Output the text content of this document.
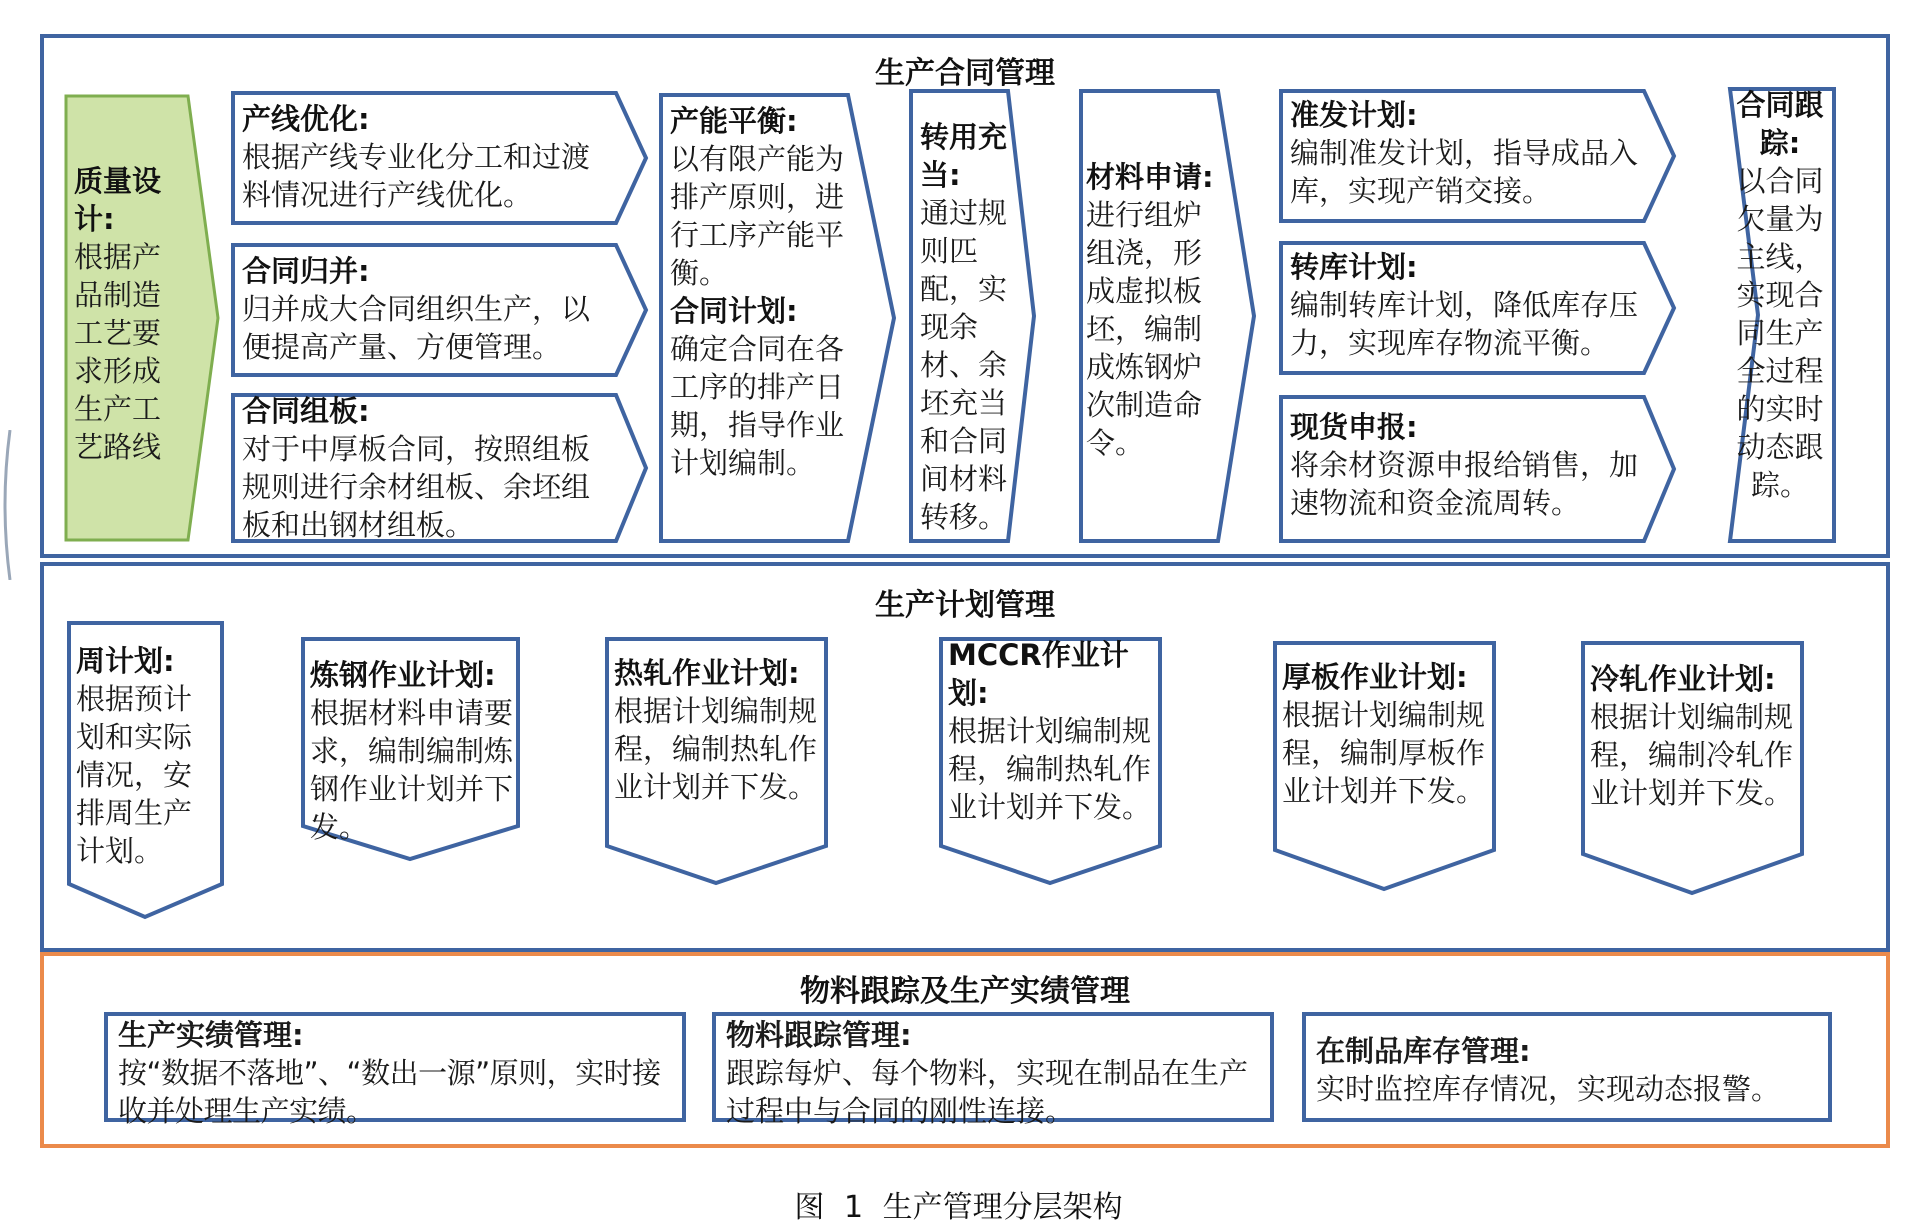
生产合同管理
质量设计:
根据产品制造工艺要求形成生产工艺路线
产线优化:
根据产线专业化分工和过渡料情况进行产线优化。
合同归并:
归并成大合同组织生产，以便提高产量、方便管理。
合同组板:
对于中厚板合同，按照组板规则进行余材组板、余坯组板和出钢材组板。
产能平衡:
以有限产能为排产原则，进行工序产能平衡。
合同计划:
确定合同在各工序的排产日期，指导作业计划编制。
转用充当:
通过规则匹配，实现余材、余坯充当和合同间材料转移。
材料申请:
进行组炉组浇，形成虚拟板坯，编制成炼钢炉次制造命令。
准发计划:
编制准发计划，指导成品入库，实现产销交接。
转库计划:
编制转库计划，降低库存压力，实现库存物流平衡。
现货申报:
将余材资源申报给销售，加速物流和资金流周转。
合同跟踪:
以合同欠量为主线，实现合同生产全过程的实时动态跟踪。
生产计划管理
周计划:
根据预计划和实际情况，安排周生产计划。
炼钢作业计划:
根据材料申请要求，编制编制炼钢作业计划并下发。
热轧作业计划:
根据计划编制规程，编制热轧作业计划并下发。
MCCR作业计划:
根据计划编制规程，编制热轧作业计划并下发。
厚板作业计划:
根据计划编制规程，编制厚板作业计划并下发。
冷轧作业计划:
根据计划编制规程，编制冷轧作业计划并下发。
物料跟踪及生产实绩管理
生产实绩管理:
按“数据不落地”、“数出一源”原则，实时接收并处理生产实绩。
物料跟踪管理:
跟踪每炉、每个物料，实现在制品在生产过程中与合同的刚性连接。
在制品库存管理:
实时监控库存情况，实现动态报警。
图 1 生产管理分层架构
